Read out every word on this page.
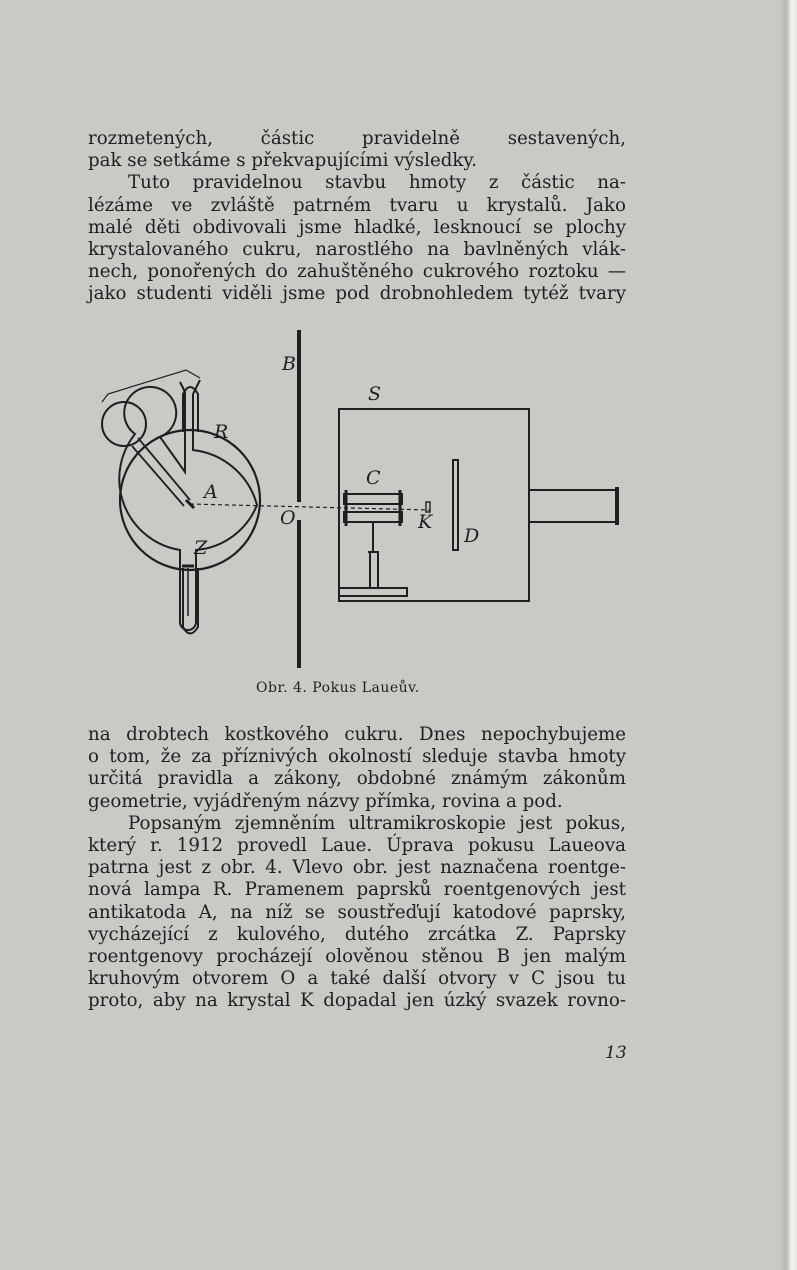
rozmetených, částic pravidelně sestavených,
pak se setkáme s překvapujícími výsledky.
Tuto pravidelnou stavbu hmoty z částic na-
lézáme ve zvláště patrném tvaru u krystalů. Jako
malé děti obdivovali jsme hladké, lesknoucí se plochy
krystalovaného cukru, narostlého na bavlněných vlák-
nech, ponořených do zahuštěného cukrového roztoku —
jako studenti viděli jsme pod drobnohledem tytéž tvary
B
S
R
A
O
C
K
D
Z
Obr. 4. Pokus Laueův.
na drobtech kostkového cukru. Dnes nepochybujeme
o tom, že za příznivých okolností sleduje stavba hmoty
určitá pravidla a zákony, obdobné známým zákonům
geometrie, vyjádřeným názvy přímka, rovina a pod.
Popsaným zjemněním ultramikroskopie jest pokus,
který r. 1912 provedl Laue. Úprava pokusu Laueova
patrna jest z obr. 4. Vlevo obr. jest naznačena roentge-
nová lampa R. Pramenem paprsků roentgenových jest
antikatoda A, na níž se soustřeďují katodové paprsky,
vycházející z kulového, dutého zrcátka Z. Paprsky
roentgenovy procházejí olověnou stěnou B jen malým
kruhovým otvorem O a také další otvory v C jsou tu
proto, aby na krystal K dopadal jen úzký svazek rovno-
13
